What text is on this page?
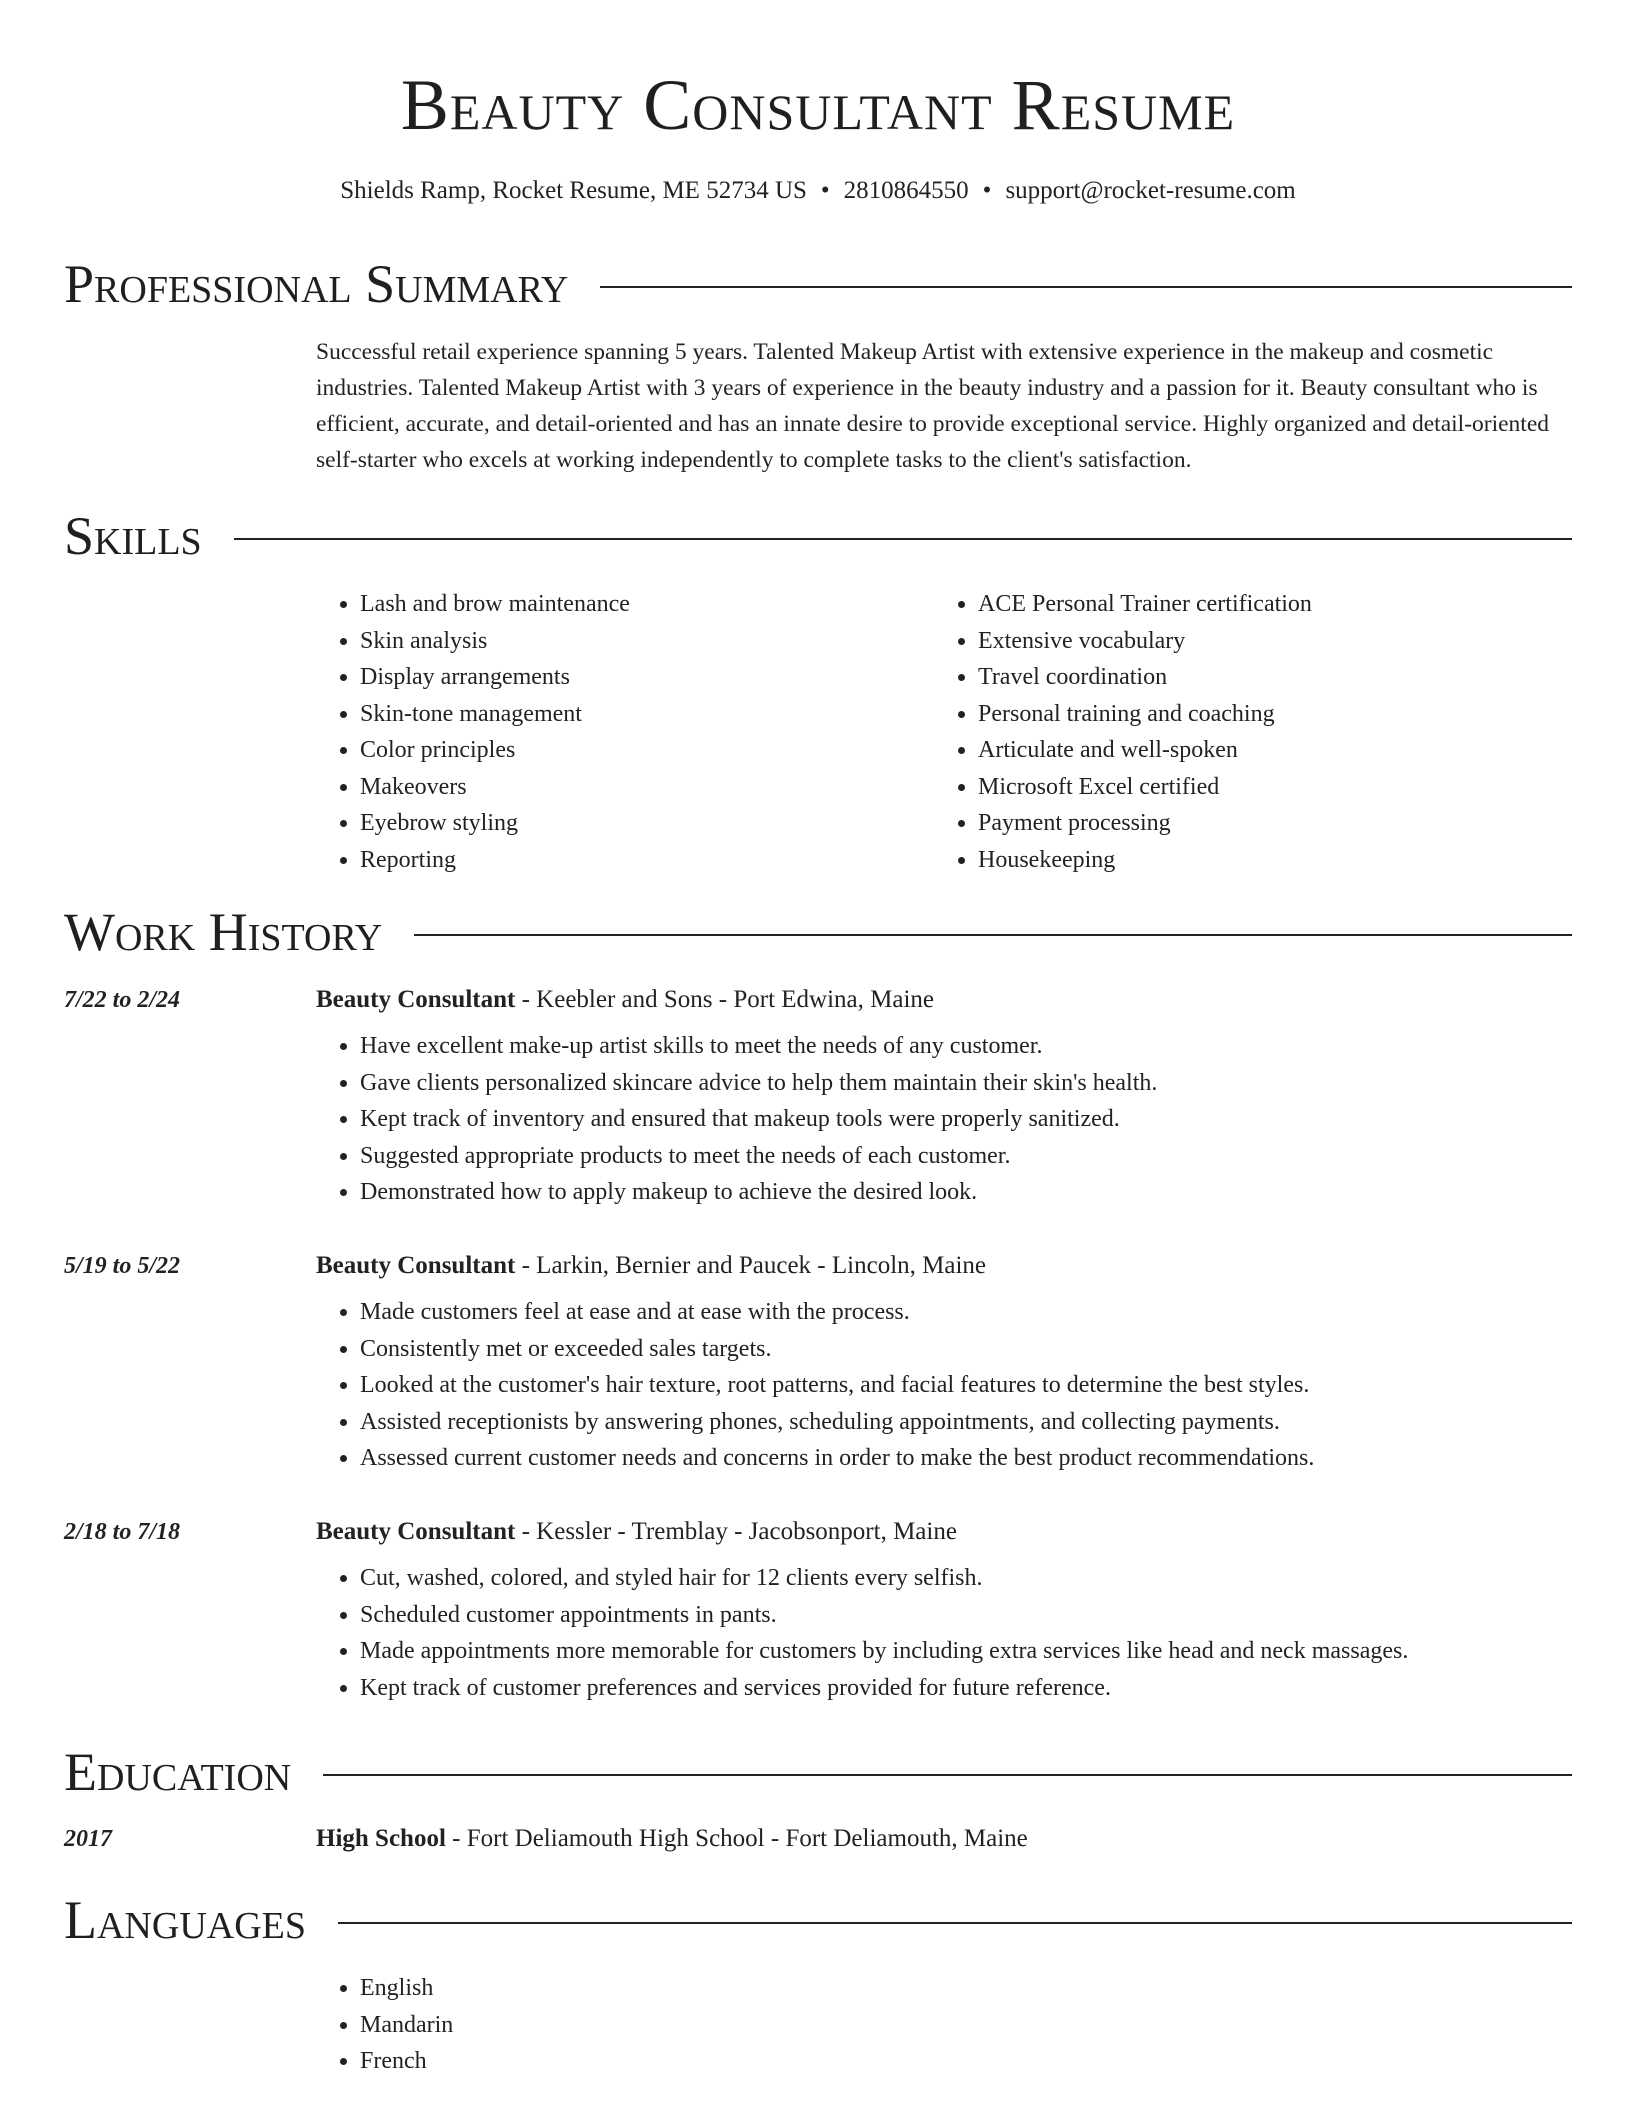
Beauty Consultant Resume
Shields Ramp, Rocket Resume, ME 52734 US • 2810864550 • support@rocket-resume.com
Professional Summary
Successful retail experience spanning 5 years. Talented Makeup Artist with extensive experience in the makeup and cosmetic industries. Talented Makeup Artist with 3 years of experience in the beauty industry and a passion for it. Beauty consultant who is efficient, accurate, and detail-oriented and has an innate desire to provide exceptional service. Highly organized and detail-oriented self-starter who excels at working independently to complete tasks to the client's satisfaction.
Skills
• Lash and brow maintenance
• Skin analysis
• Display arrangements
• Skin-tone management
• Color principles
• Makeovers
• Eyebrow styling
• Reporting
• ACE Personal Trainer certification
• Extensive vocabulary
• Travel coordination
• Personal training and coaching
• Articulate and well-spoken
• Microsoft Excel certified
• Payment processing
• Housekeeping
Work History
7/22 to 2/24	Beauty Consultant - Keebler and Sons - Port Edwina, Maine
• Have excellent make-up artist skills to meet the needs of any customer.
• Gave clients personalized skincare advice to help them maintain their skin's health.
• Kept track of inventory and ensured that makeup tools were properly sanitized.
• Suggested appropriate products to meet the needs of each customer.
• Demonstrated how to apply makeup to achieve the desired look.
5/19 to 5/22	Beauty Consultant - Larkin, Bernier and Paucek - Lincoln, Maine
• Made customers feel at ease and at ease with the process.
• Consistently met or exceeded sales targets.
• Looked at the customer's hair texture, root patterns, and facial features to determine the best styles.
• Assisted receptionists by answering phones, scheduling appointments, and collecting payments.
• Assessed current customer needs and concerns in order to make the best product recommendations.
2/18 to 7/18	Beauty Consultant - Kessler - Tremblay - Jacobsonport, Maine
• Cut, washed, colored, and styled hair for 12 clients every selfish.
• Scheduled customer appointments in pants.
• Made appointments more memorable for customers by including extra services like head and neck massages.
• Kept track of customer preferences and services provided for future reference.
Education
2017	High School - Fort Deliamouth High School - Fort Deliamouth, Maine
Languages
• English
• Mandarin
• French
